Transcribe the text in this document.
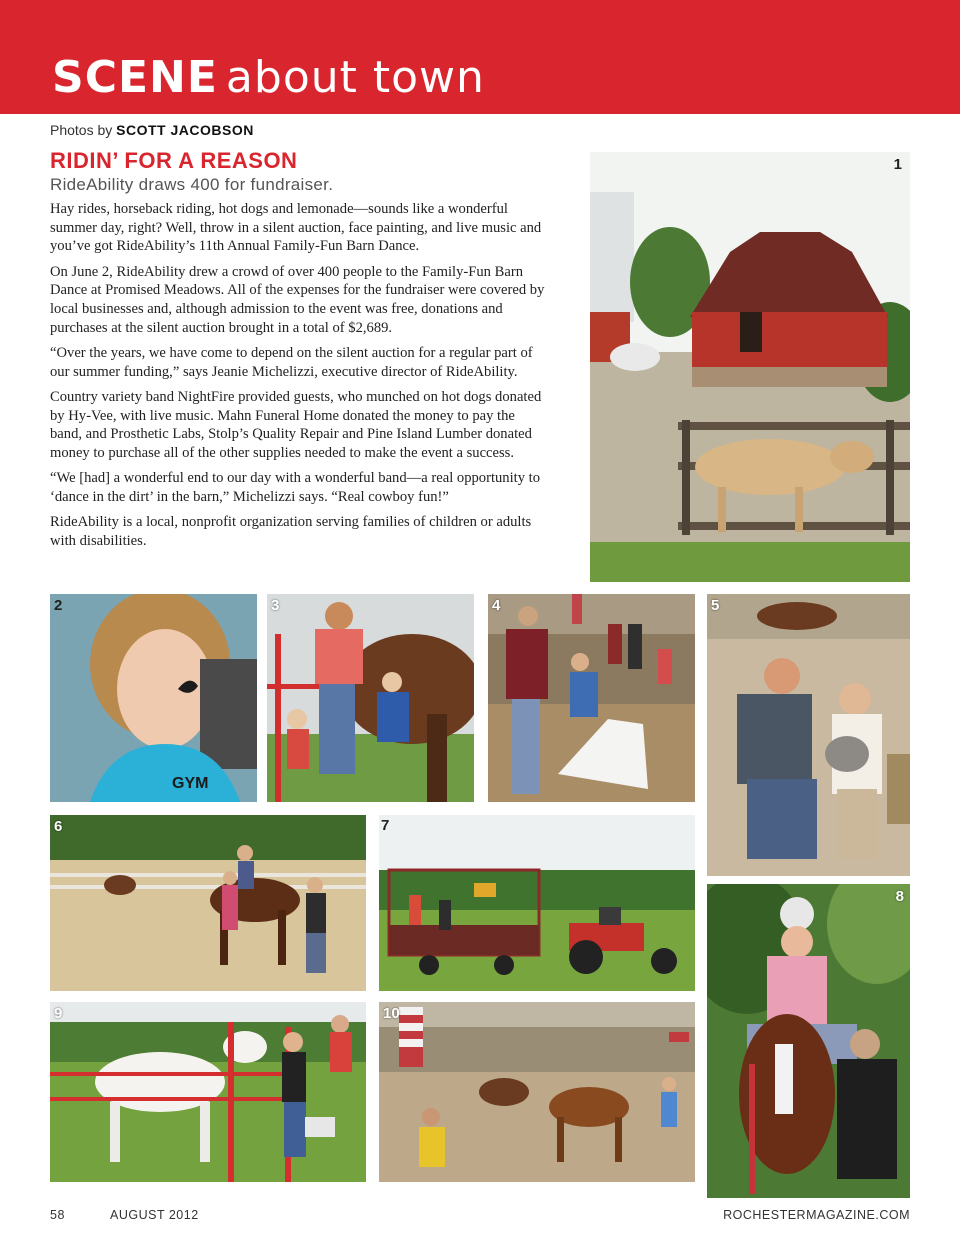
SCENE about town
Photos by SCOTT JACOBSON
RIDIN’ FOR A REASON
RideAbility draws 400 for fundraiser.

Hay rides, horseback riding, hot dogs and lemonade—sounds like a wonderful summer day, right? Well, throw in a silent auction, face painting, and live music and you’ve got RideAbility’s 11th Annual Family-Fun Barn Dance.

On June 2, RideAbility drew a crowd of over 400 people to the Family-Fun Barn Dance at Promised Meadows. All of the expenses for the fundraiser were covered by local businesses and, although admission to the event was free, donations and purchases at the silent auction brought in a total of $2,689.

“Over the years, we have come to depend on the silent auction for a regular part of our summer funding,” says Jeanie Michelizzi, executive director of RideAbility.

Country variety band NightFire provided guests, who munched on hot dogs donated by Hy-Vee, with live music. Mahn Funeral Home donated the money to pay the band, and Prosthetic Labs, Stolp’s Quality Repair and Pine Island Lumber donated money to purchase all of the other supplies needed to make the event a success.

“We [had] a wonderful end to our day with a wonderful band—a real opportunity to ‘dance in the dirt’ in the barn,” Michelizzi says. “Real cowboy fun!”

RideAbility is a local, nonprofit organization serving families of children or adults with disabilities.

1
GYM
2	3	4	5
6	7
8
9	10
58	AUGUST 2012	ROCHESTERMAGAZINE.COM
